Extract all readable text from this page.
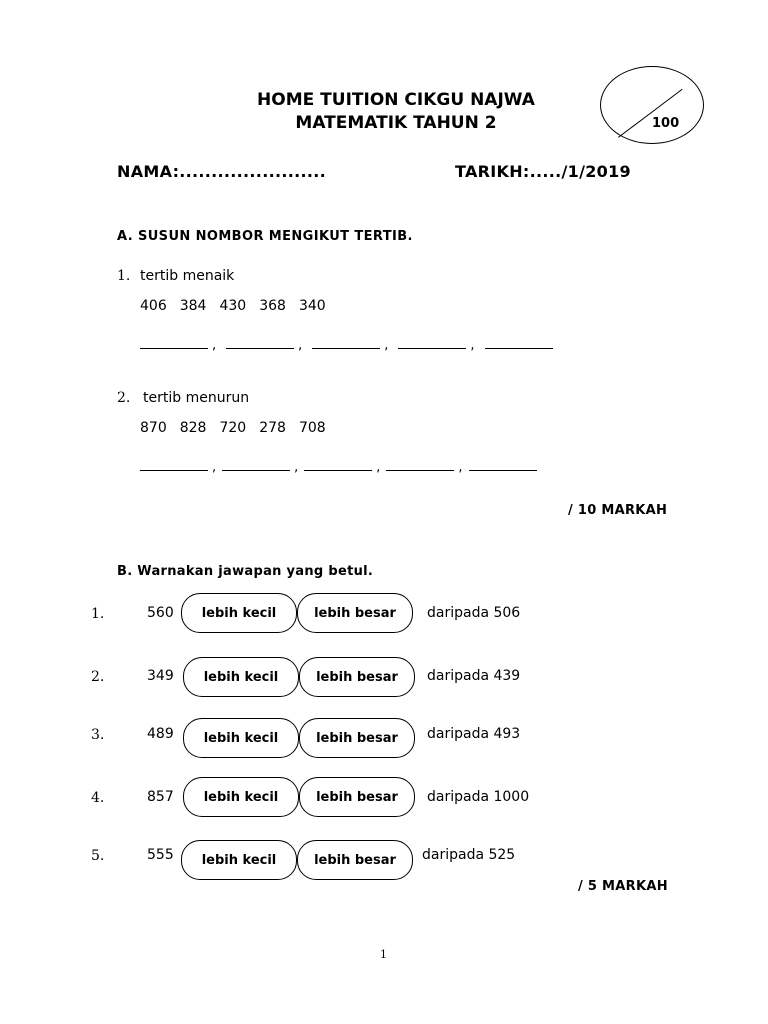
HOME TUITION CIKGU NAJWA
MATEMATIK TAHUN 2	100
NAMA:.......................	TARIKH:...../1/2019
A. SUSUN NOMBOR MENGIKUT TERTIB.
1. tertib menaik
406 384 430 368 340
,	,	,	,
2. tertib menurun
870 828 720 278 708
,	,	,	,
/ 10 MARKAH
B. Warnakan jawapan yang betul.
1.	560	lebih kecil	lebih besar	daripada 506
2.	349	lebih kecil	lebih besar	daripada 439
3.	489	lebih kecil	lebih besar	daripada 493
4.	857	lebih kecil	lebih besar	daripada 1000
5.	555	lebih kecil	lebih besar	daripada 525
/ 5 MARKAH
1
